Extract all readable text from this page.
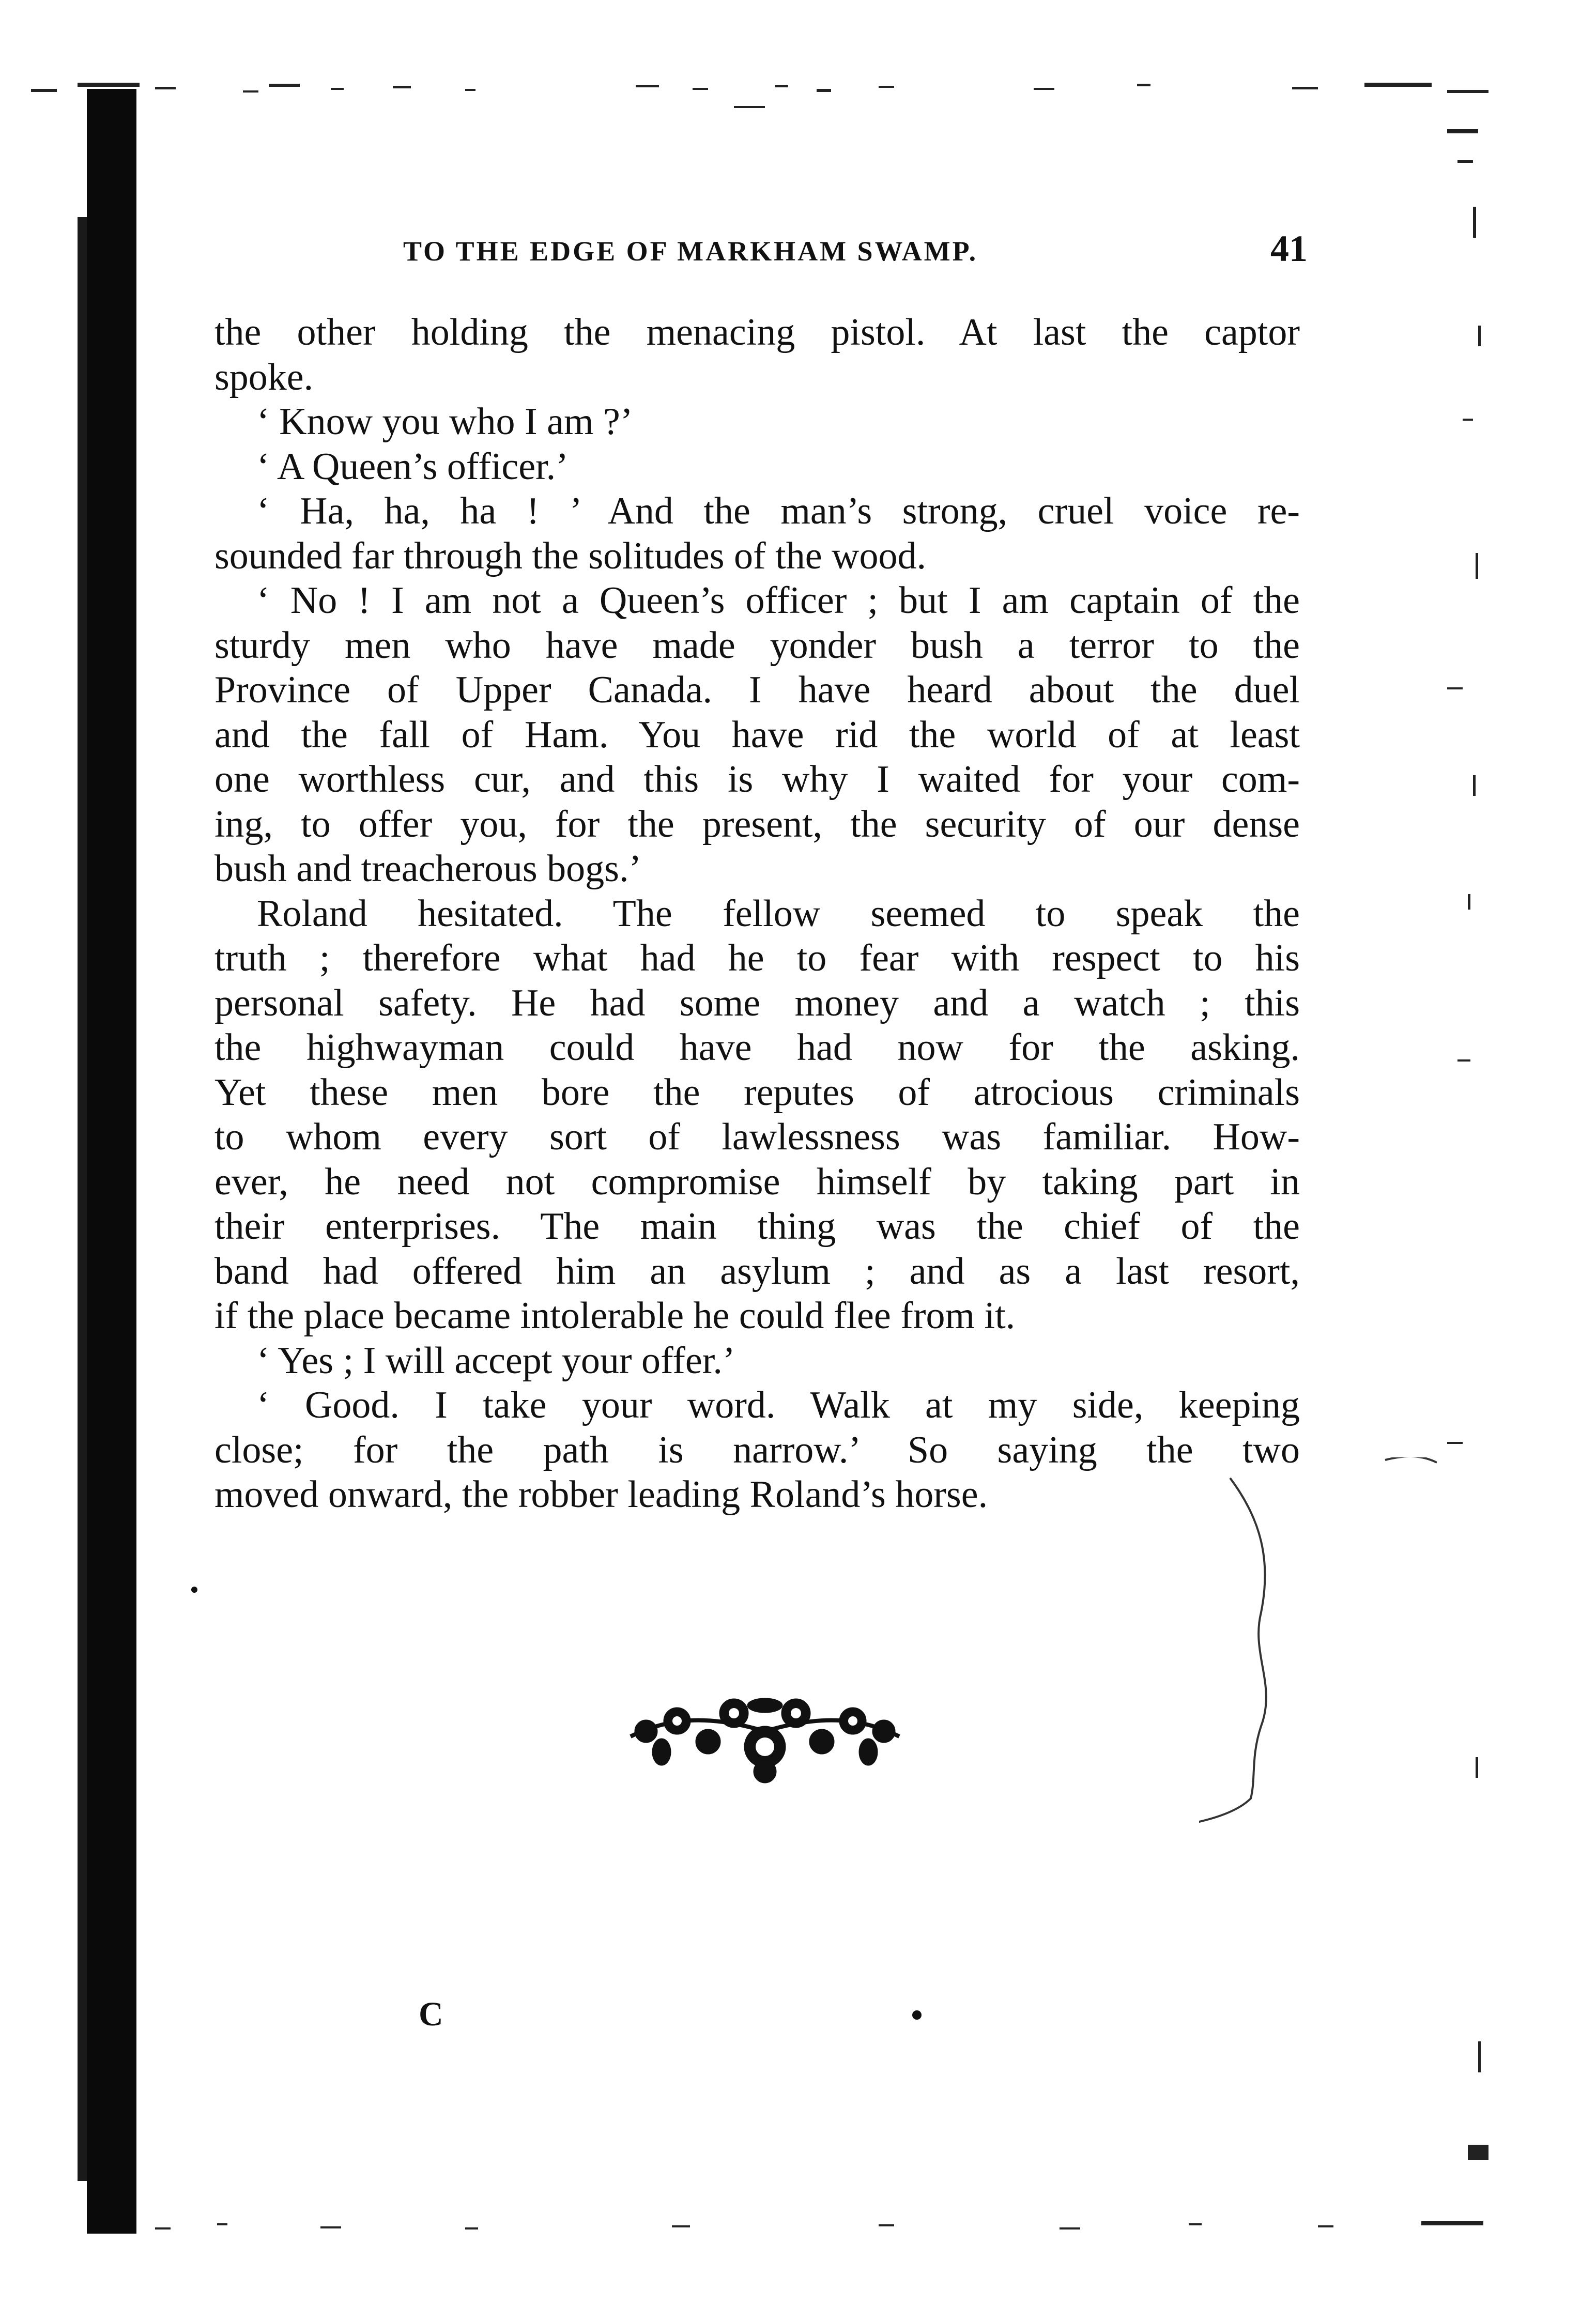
TO THE EDGE OF MARKHAM SWAMP.	41
the other holding the menacing pistol. At last the captor
spoke.
‘ Know you who I am ?’
‘ A Queen’s officer.’
‘ Ha, ha, ha ! ’ And the man’s strong, cruel voice re-
sounded far through the solitudes of the wood.
‘ No ! I am not a Queen’s officer ; but I am captain of the
sturdy men who have made yonder bush a terror to the
Province of Upper Canada. I have heard about the duel
and the fall of Ham. You have rid the world of at least
one worthless cur, and this is why I waited for your com-
ing, to offer you, for the present, the security of our dense
bush and treacherous bogs.’
Roland hesitated. The fellow seemed to speak the
truth ; therefore what had he to fear with respect to his
personal safety. He had some money and a watch ; this
the highwayman could have had now for the asking.
Yet these men bore the reputes of atrocious criminals
to whom every sort of lawlessness was familiar. How-
ever, he need not compromise himself by taking part in
their enterprises. The main thing was the chief of the
band had offered him an asylum ; and as a last resort,
if the place became intolerable he could flee from it.
‘ Yes ; I will accept your offer.’
‘ Good. I take your word. Walk at my side, keeping
close; for the path is narrow.’ So saying the two
moved onward, the robber leading Roland’s horse.
C
